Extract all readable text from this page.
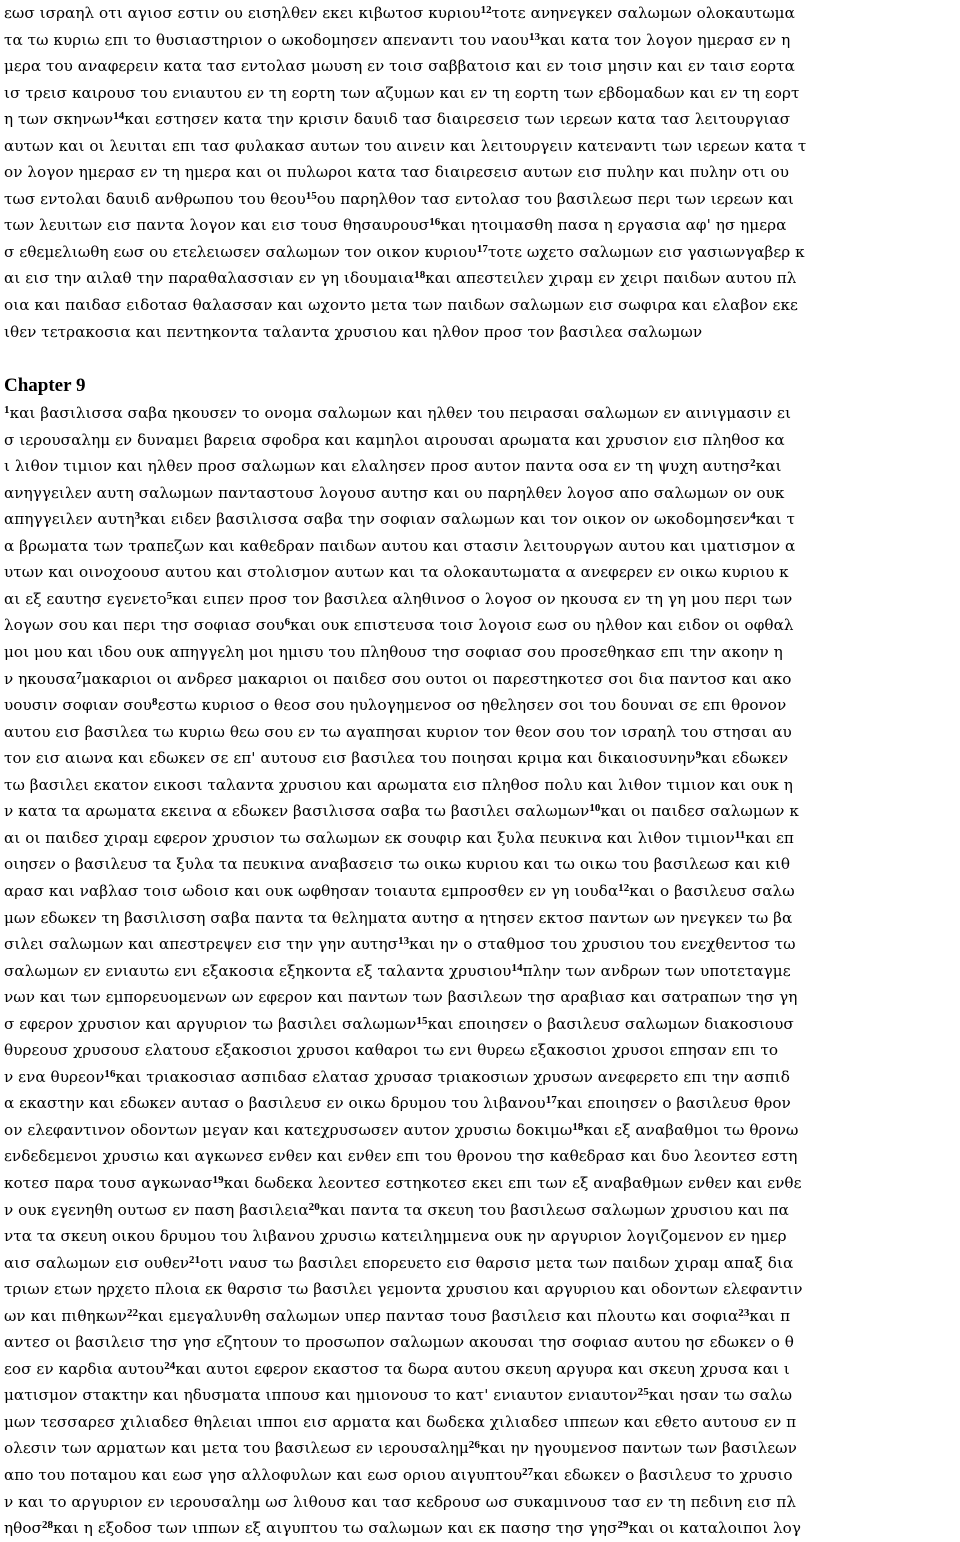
εωσ ισραηλ οτι αγιοσ εστιν ου εισηλθεν εκει κιβωτοσ κυριου$^{12}$τοτε ανηνεγκεν σαλωμων ολοκαυτωμα
τα τω κυριω επι το θυσιαστηριον ο ωκοδομησεν απεναντι του ναου$^{13}$και κατα τον λογον ημερασ εν η
μερα του αναφερειν κατα τασ εντολασ μωυση εν τοισ σαββατοισ και εν τοισ μησιν και εν ταισ εορτα
ισ τρεισ καιρουσ του ενιαυτου εν τη εορτη των αζυμων και εν τη εορτη των εβδομαδων και εν τη εορτ
η των σκηνων$^{14}$και εστησεν κατα την κρισιν δαυιδ τασ διαιρεσεισ των ιερεων κατα τασ λειτουργιασ
αυτων και οι λευιται επι τασ φυλακασ αυτων του αινειν και λειτουργειν κατεναντι των ιερεων κατα τ
ον λογον ημερασ εν τη ημερα και οι πυλωροι κατα τασ διαιρεσεισ αυτων εισ πυλην και πυλην οτι ου
τωσ εντολαι δαυιδ ανθρωπου του θεου$^{15}$ου παρηλθον τασ εντολασ του βασιλεωσ περι των ιερεων και
των λευιτων εισ παντα λογον και εισ τουσ θησαυρουσ$^{16}$και ητοιμασθη πασα η εργασια αφ' ησ ημερα
σ εθεμελιωθη εωσ ου ετελειωσεν σαλωμων τον οικον κυριου$^{17}$τοτε ωχετο σαλωμων εισ γασιωνγαβερ κ
αι εισ την αιλαθ την παραθαλασσιαν εν γη ιδουμαια$^{18}$και απεστειλεν χιραμ εν χειρι παιδων αυτου πλ
οια και παιδασ ειδοτασ θαλασσαν και ωχοντο μετα των παιδων σαλωμων εισ σωφιρα και ελαβον εκε
ιθεν τετρακοσια και πεντηκοντα ταλαντα χρυσιου και ηλθον προσ τον βασιλεα σαλωμων
Chapter 9
$^1$και βασιλισσα σαβα ηκουσεν το ονομα σαλωμων και ηλθεν του πειρασαι σαλωμων εν αινιγμασιν ει
σ ιερουσαλημ εν δυναμει βαρεια σφοδρα και καμηλοι αιρουσαι αρωματα και χρυσιον εισ πληθοσ κα
ι λιθον τιμιον και ηλθεν προσ σαλωμων και ελαλησεν προσ αυτον παντα οσα εν τη ψυχη αυτησ$^2$και
ανηγγειλεν αυτη σαλωμων πανταστουσ λογουσ αυτησ και ου παρηλθεν λογοσ απο σαλωμων ον ουκ
απηγγειλεν αυτη$^3$και ειδεν βασιλισσα σαβα την σοφιαν σαλωμων και τον οικον ον ωκοδομησεν$^4$και τ
α βρωματα των τραπεζων και καθεδραν παιδων αυτου και στασιν λειτουργων αυτου και ιματισμον α
υτων και οινοχοουσ αυτου και στολισμον αυτων και τα ολοκαυτωματα α ανεφερεν εν οικω κυριου κ
αι εξ εαυτησ εγενετο$^5$και ειπεν προσ τον βασιλεα αληθινοσ ο λογοσ ον ηκουσα εν τη γη μου περι των
λογων σου και περι τησ σοφιασ σου$^6$και ουκ επιστευσα τοισ λογοισ εωσ ου ηλθον και ειδον οι οφθαλ
μοι μου και ιδου ουκ απηγγελη μοι ημισυ του πληθουσ τησ σοφιασ σου προσεθηκασ επι την ακοην η
ν ηκουσα$^7$μακαριοι οι ανδρεσ μακαριοι οι παιδεσ σου ουτοι οι παρεστηκοτεσ σοι δια παντοσ και ακο
υουσιν σοφιαν σου$^8$εστω κυριοσ ο θεοσ σου ηυλογημενοσ οσ ηθελησεν σοι του δουναι σε επι θρονον
αυτου εισ βασιλεα τω κυριω θεω σου εν τω αγαπησαι κυριον τον θεον σου τον ισραηλ του στησαι αυ
τον εισ αιωνα και εδωκεν σε επ' αυτουσ εισ βασιλεα του ποιησαι κριμα και δικαιοσυνην$^9$και εδωκεν
τω βασιλει εκατον εικοσι ταλαντα χρυσιου και αρωματα εισ πληθοσ πολυ και λιθον τιμιον και ουκ η
ν κατα τα αρωματα εκεινα α εδωκεν βασιλισσα σαβα τω βασιλει σαλωμων$^{10}$και οι παιδεσ σαλωμων κ
αι οι παιδεσ χιραμ εφερον χρυσιον τω σαλωμων εκ σουφιρ και ξυλα πευκινα και λιθον τιμιον$^{11}$και επ
οιησεν ο βασιλευσ τα ξυλα τα πευκινα αναβασεισ τω οικω κυριου και τω οικω του βασιλεωσ και κιθ
αρασ και ναβλασ τοισ ωδοισ και ουκ ωφθησαν τοιαυτα εμπροσθεν εν γη ιουδα$^{12}$και ο βασιλευσ σαλω
μων εδωκεν τη βασιλισση σαβα παντα τα θεληματα αυτησ α ητησεν εκτοσ παντων ων ηνεγκεν τω βα
σιλει σαλωμων και απεστρεψεν εισ την γην αυτησ$^{13}$και ην ο σταθμοσ του χρυσιου του ενεχθεντοσ τω
σαλωμων εν ενιαυτω ενι εξακοσια εξηκοντα εξ ταλαντα χρυσιου$^{14}$πλην των ανδρων των υποτεταγμε
νων και των εμπορευομενων ων εφερον και παντων των βασιλεων τησ αραβιασ και σατραπων τησ γη
σ εφερον χρυσιον και αργυριον τω βασιλει σαλωμων$^{15}$και εποιησεν ο βασιλευσ σαλωμων διακοσιουσ
θυρεουσ χρυσουσ ελατουσ εξακοσιοι χρυσοι καθαροι τω ενι θυρεω εξακοσιοι χρυσοι επησαν επι το
ν ενα θυρεον$^{16}$και τριακοσιασ ασπιδασ ελατασ χρυσασ τριακοσιων χρυσων ανεφερετο επι την ασπιδ
α εκαστην και εδωκεν αυτασ ο βασιλευσ εν οικω δρυμου του λιβανου$^{17}$και εποιησεν ο βασιλευσ θρον
ον ελεφαντινον οδοντων μεγαν και κατεχρυσωσεν αυτον χρυσιω δοκιμω$^{18}$και εξ αναβαθμοι τω θρονω
ενδεδεμενοι χρυσιω και αγκωνεσ ενθεν και ενθεν επι του θρονου τησ καθεδρασ και δυο λεοντεσ εστη
κοτεσ παρα τουσ αγκωνασ$^{19}$και δωδεκα λεοντεσ εστηκοτεσ εκει επι των εξ αναβαθμων ενθεν και ενθε
ν ουκ εγενηθη ουτωσ εν παση βασιλεια$^{20}$και παντα τα σκευη του βασιλεωσ σαλωμων χρυσιου και πα
ντα τα σκευη οικου δρυμου του λιβανου χρυσιω κατειλημμενα ουκ ην αργυριον λογιζομενον εν ημερ
αισ σαλωμων εισ ουθεν$^{21}$οτι ναυσ τω βασιλει επορευετο εισ θαρσισ μετα των παιδων χιραμ απαξ δια
τριων ετων ηρχετο πλοια εκ θαρσισ τω βασιλει γεμοντα χρυσιου και αργυριου και οδοντων ελεφαντιν
ων και πιθηκων$^{22}$και εμεγαλυνθη σαλωμων υπερ παντασ τουσ βασιλεισ και πλουτω και σοφια$^{23}$και π
αντεσ οι βασιλεισ τησ γησ εζητουν το προσωπον σαλωμων ακουσαι τησ σοφιασ αυτου ησ εδωκεν ο θ
εοσ εν καρδια αυτου$^{24}$και αυτοι εφερον εκαστοσ τα δωρα αυτου σκευη αργυρα και σκευη χρυσα και ι
ματισμον στακτην και ηδυσματα ιππουσ και ημιονουσ το κατ' ενιαυτον ενιαυτον$^{25}$και ησαν τω σαλω
μων τεσσαρεσ χιλιαδεσ θηλειαι ιπποι εισ αρματα και δωδεκα χιλιαδεσ ιππεων και εθετο αυτουσ εν π
ολεσιν των αρματων και μετα του βασιλεωσ εν ιερουσαλημ$^{26}$και ην ηγουμενοσ παντων των βασιλεων
απο του ποταμου και εωσ γησ αλλοφυλων και εωσ οριου αιγυπτου$^{27}$και εδωκεν ο βασιλευσ το χρυσιο
ν και το αργυριον εν ιερουσαλημ ωσ λιθουσ και τασ κεδρουσ ωσ συκαμινουσ τασ εν τη πεδινη εισ πλ
ηθοσ$^{28}$και η εξοδοσ των ιππων εξ αιγυπτου τω σαλωμων και εκ πασησ τησ γησ$^{29}$και οι καταλοιποι λογ
